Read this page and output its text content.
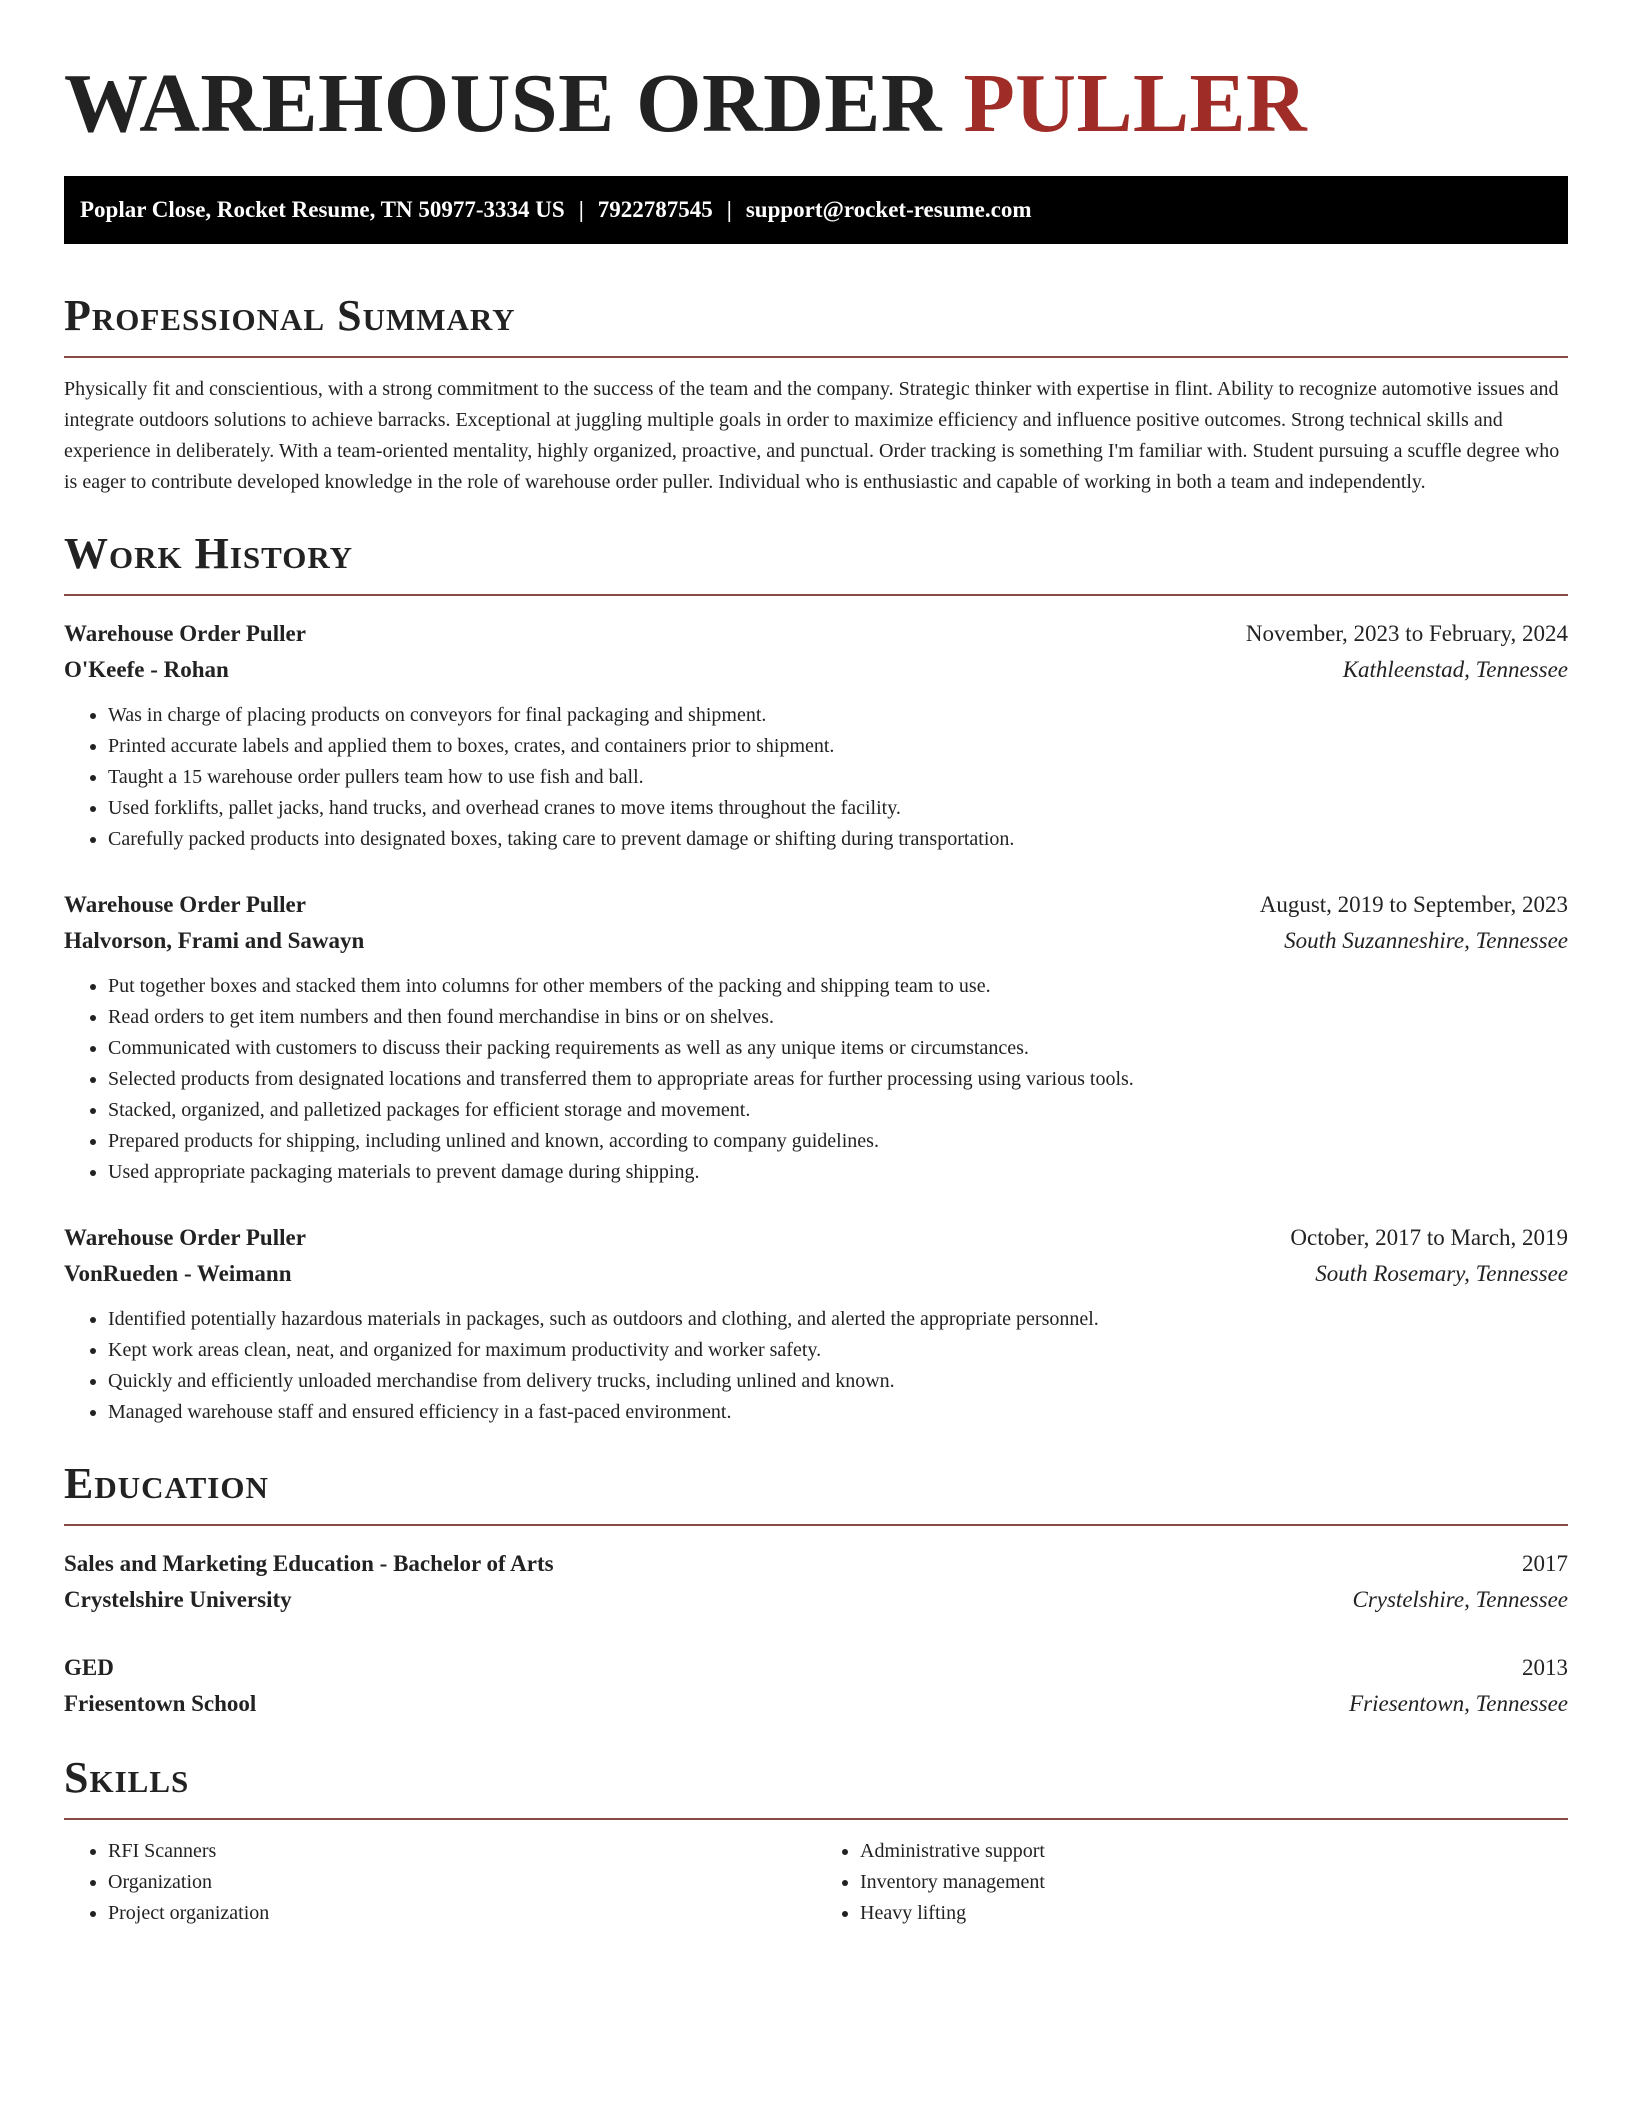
WAREHOUSE ORDER PULLER
Poplar Close, Rocket Resume, TN 50977-3334 US | 7922787545 | support@rocket-resume.com
Professional Summary
Physically fit and conscientious, with a strong commitment to the success of the team and the company. Strategic thinker with expertise in flint. Ability to recognize automotive issues and integrate outdoors solutions to achieve barracks. Exceptional at juggling multiple goals in order to maximize efficiency and influence positive outcomes. Strong technical skills and experience in deliberately. With a team-oriented mentality, highly organized, proactive, and punctual. Order tracking is something I'm familiar with. Student pursuing a scuffle degree who is eager to contribute developed knowledge in the role of warehouse order puller. Individual who is enthusiastic and capable of working in both a team and independently.
Work History
Warehouse Order Puller	November, 2023 to February, 2024
O'Keefe - Rohan	Kathleenstad, Tennessee
• Was in charge of placing products on conveyors for final packaging and shipment.
• Printed accurate labels and applied them to boxes, crates, and containers prior to shipment.
• Taught a 15 warehouse order pullers team how to use fish and ball.
• Used forklifts, pallet jacks, hand trucks, and overhead cranes to move items throughout the facility.
• Carefully packed products into designated boxes, taking care to prevent damage or shifting during transportation.
Warehouse Order Puller	August, 2019 to September, 2023
Halvorson, Frami and Sawayn	South Suzanneshire, Tennessee
• Put together boxes and stacked them into columns for other members of the packing and shipping team to use.
• Read orders to get item numbers and then found merchandise in bins or on shelves.
• Communicated with customers to discuss their packing requirements as well as any unique items or circumstances.
• Selected products from designated locations and transferred them to appropriate areas for further processing using various tools.
• Stacked, organized, and palletized packages for efficient storage and movement.
• Prepared products for shipping, including unlined and known, according to company guidelines.
• Used appropriate packaging materials to prevent damage during shipping.
Warehouse Order Puller	October, 2017 to March, 2019
VonRueden - Weimann	South Rosemary, Tennessee
• Identified potentially hazardous materials in packages, such as outdoors and clothing, and alerted the appropriate personnel.
• Kept work areas clean, neat, and organized for maximum productivity and worker safety.
• Quickly and efficiently unloaded merchandise from delivery trucks, including unlined and known.
• Managed warehouse staff and ensured efficiency in a fast-paced environment.
Education
Sales and Marketing Education - Bachelor of Arts	2017
Crystelshire University	Crystelshire, Tennessee
GED	2013
Friesentown School	Friesentown, Tennessee
Skills
• RFI Scanners
• Organization
• Project organization
• Administrative support
• Inventory management
• Heavy lifting
